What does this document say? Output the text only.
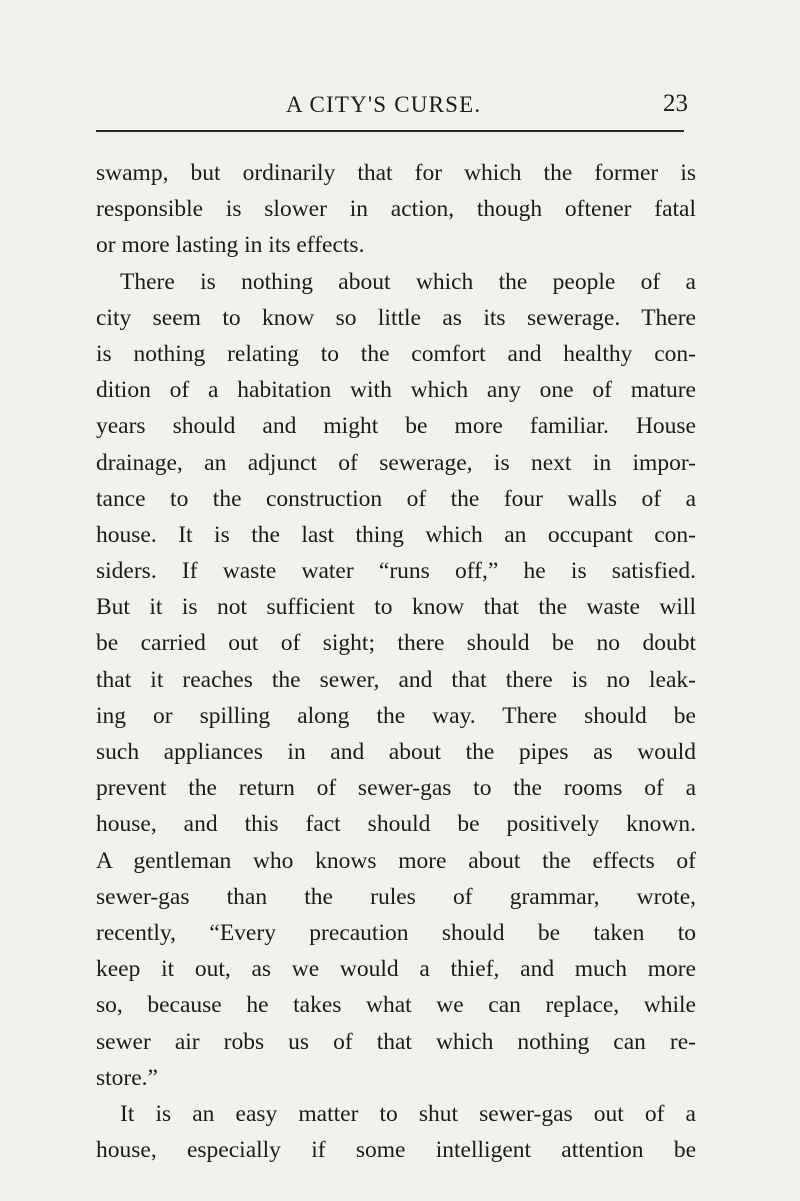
A CITY'S CURSE.	23
swamp, but ordinarily that for which the former is
responsible is slower in action, though oftener fatal
or more lasting in its effects.
There is nothing about which the people of a
city seem to know so little as its sewerage. There
is nothing relating to the comfort and healthy con-
dition of a habitation with which any one of mature
years should and might be more familiar. House
drainage, an adjunct of sewerage, is next in impor-
tance to the construction of the four walls of a
house. It is the last thing which an occupant con-
siders. If waste water “runs off,” he is satisfied.
But it is not sufficient to know that the waste will
be carried out of sight; there should be no doubt
that it reaches the sewer, and that there is no leak-
ing or spilling along the way. There should be
such appliances in and about the pipes as would
prevent the return of sewer-gas to the rooms of a
house, and this fact should be positively known.
A gentleman who knows more about the effects of
sewer-gas than the rules of grammar, wrote,
recently, “Every precaution should be taken to
keep it out, as we would a thief, and much more
so, because he takes what we can replace, while
sewer air robs us of that which nothing can re-
store.”
It is an easy matter to shut sewer-gas out of a
house, especially if some intelligent attention be
